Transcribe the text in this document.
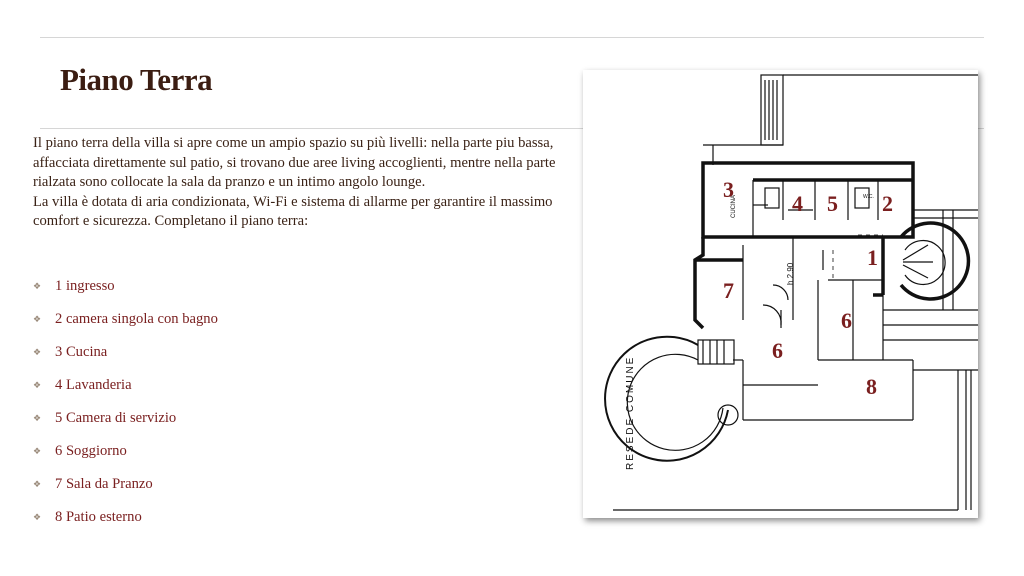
Piano Terra

Il piano terra della villa si apre come un ampio spazio su più livelli: nella parte piu bassa, affacciata direttamente sul patio, si trovano due aree living accoglienti, mentre nella parte rialzata sono collocate la sala da pranzo e un intimo angolo lounge.

La villa è dotata di aria condizionata, Wi-Fi e sistema di allarme per garantire il massimo comfort e sicurezza. Completano il piano terra:

❖ 1 ingresso
❖ 2 camera singola con bagno
❖ 3 Cucina
❖ 4 Lavanderia
❖ 5 Camera di servizio
❖ 6 Soggiorno
❖ 7 Sala da Pranzo
❖ 8 Patio esterno
RESEDE COMUNE
h 2.90
CUCINA	W.C.
3
4 5 2
1
7
6
6
8
